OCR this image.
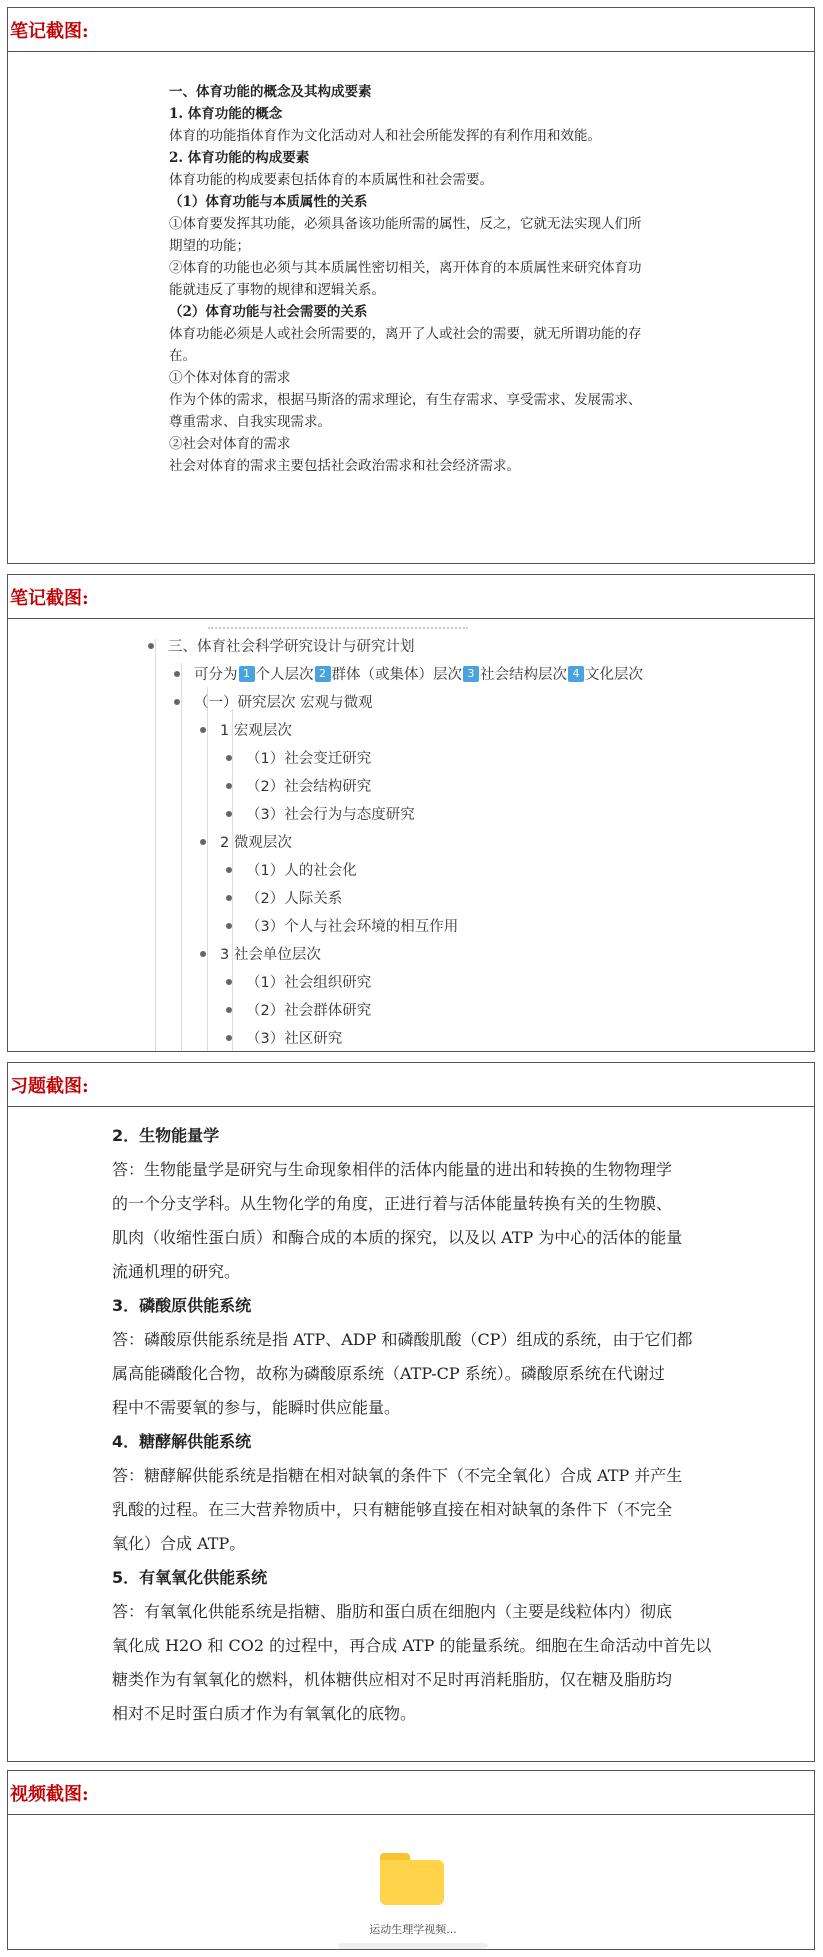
笔记截图:
一、体育功能的概念及其构成要素
1. 体育功能的概念
体育的功能指体育作为文化活动对人和社会所能发挥的有利作用和效能。
2. 体育功能的构成要素
体育功能的构成要素包括体育的本质属性和社会需要。
（1）体育功能与本质属性的关系
①体育要发挥其功能，必须具备该功能所需的属性，反之，它就无法实现人们所
期望的功能；
②体育的功能也必须与其本质属性密切相关，离开体育的本质属性来研究体育功
能就违反了事物的规律和逻辑关系。
（2）体育功能与社会需要的关系
体育功能必须是人或社会所需要的，离开了人或社会的需要，就无所谓功能的存
在。
①个体对体育的需求
作为个体的需求，根据马斯洛的需求理论，有生存需求、享受需求、发展需求、
尊重需求、自我实现需求。
②社会对体育的需求
社会对体育的需求主要包括社会政治需求和社会经济需求。
笔记截图:
三、体育社会科学研究设计与研究计划
可分为 1 个人层次 2 群体（或集体）层次 3 社会结构层次 4 文化层次
（一）研究层次 宏观与微观
1 宏观层次
（1）社会变迁研究
（2）社会结构研究
（3）社会行为与态度研究
2 微观层次
（1）人的社会化
（2）人际关系
（3）个人与社会环境的相互作用
3 社会单位层次
（1）社会组织研究
（2）社会群体研究
（3）社区研究
习题截图:
2．生物能量学
答：生物能量学是研究与生命现象相伴的活体内能量的进出和转换的生物物理学
的一个分支学科。从生物化学的角度，正进行着与活体能量转换有关的生物膜、
肌肉（收缩性蛋白质）和酶合成的本质的探究，以及以 ATP 为中心的活体的能量
流通机理的研究。
3．磷酸原供能系统
答：磷酸原供能系统是指 ATP、ADP 和磷酸肌酸（CP）组成的系统，由于它们都
属高能磷酸化合物，故称为磷酸原系统（ATP-CP 系统）。磷酸原系统在代谢过
程中不需要氧的参与，能瞬时供应能量。
4．糖酵解供能系统
答：糖酵解供能系统是指糖在相对缺氧的条件下（不完全氧化）合成 ATP 并产生
乳酸的过程。在三大营养物质中，只有糖能够直接在相对缺氧的条件下（不完全
氧化）合成 ATP。
5．有氧氧化供能系统
答：有氧氧化供能系统是指糖、脂肪和蛋白质在细胞内（主要是线粒体内）彻底
氧化成 H2O 和 CO2 的过程中，再合成 ATP 的能量系统。细胞在生命活动中首先以
糖类作为有氧氧化的燃料，机体糖供应相对不足时再消耗脂肪，仅在糖及脂肪均
相对不足时蛋白质才作为有氧氧化的底物。
视频截图:
运动生理学视频...
